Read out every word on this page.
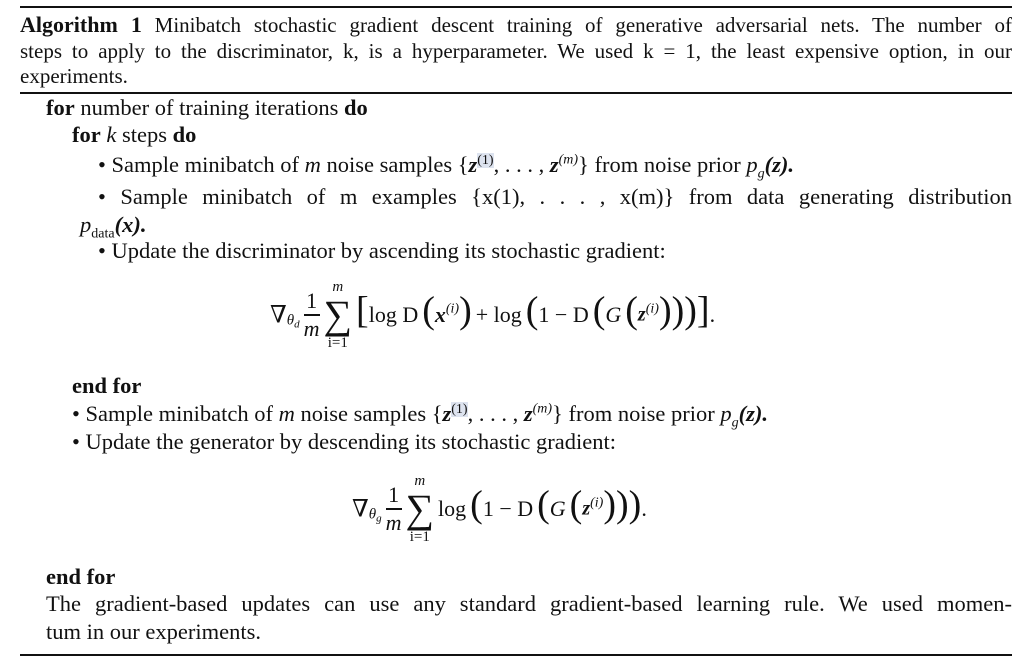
Algorithm 1 Minibatch stochastic gradient descent training of generative adversarial nets. The number of
steps to apply to the discriminator, k, is a hyperparameter. We used k = 1, the least expensive option, in our
experiments.
for number of training iterations do
for k steps do
• Sample minibatch of m noise samples {$z^{(1)}$, . . . , $z^{(m)}$} from noise prior $p_g(z)$.
• Sample minibatch of m examples {x(1), . . . , x(m)} from data generating distribution
$p_{data}(x)$.
• Update the discriminator by ascending its stochastic gradient:
$\nabla\theta_d \frac{1}{m}$

m
∑
i=1
[log D $(x^{(i)}) + \log (1 - D$ (G $(z^{(i)})$))].
end for
• Sample minibatch of m noise samples {$z^{(1)}$, . . . , $z^{(m)}$} from noise prior $p_g(z)$.
• Update the generator by descending its stochastic gradient:
$\nabla\theta_g \frac{1}{m}$

m
∑
i=1
log (1 − D (G $(z^{(i)})$)).
end for
The gradient-based updates can use any standard gradient-based learning rule. We used momen-
tum in our experiments.
